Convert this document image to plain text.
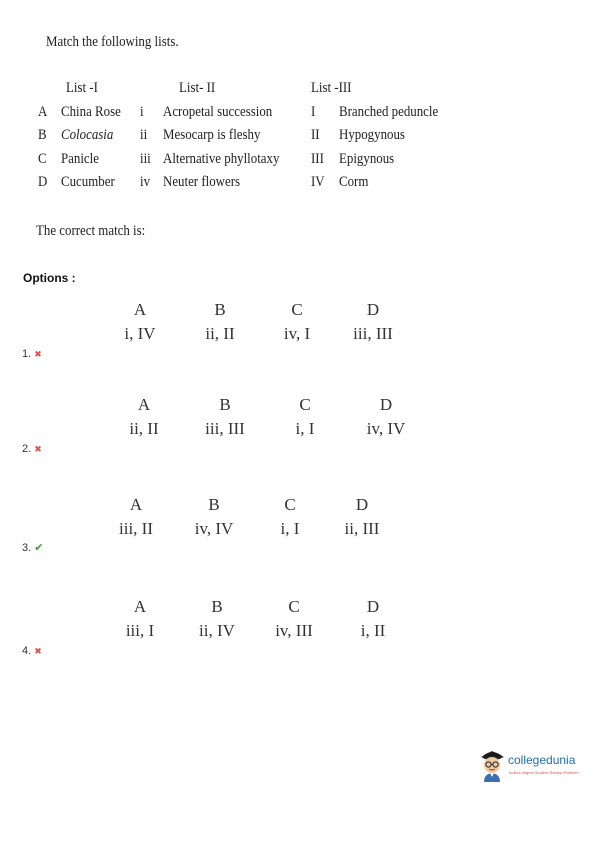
Match the following lists.
List -I	List- II	List -III
A China Rose	i	Acropetal succession	I	Branched peduncle
B Colocasia	ii	Mesocarp is fleshy	II	Hypogynous
C Panicle	iii Alternative phyllotaxy	III	Epigynous
D Cucumber	iv Neuter flowers	IV Corm
The correct match is:
Options :
A
i, IV
B
ii, II
C
iv, I
D
iii, III
1. ✖
A
ii, II
B
iii, III
C
i, I
D
iv, IV
2. ✖
A
iii, II
B
iv, IV
C
i, I
D
ii, III
3. ✔
A
iii, I
B
ii, IV
C
iv, III
D
i, II
4. ✖
collegedunia
India's largest Student Review Platform
